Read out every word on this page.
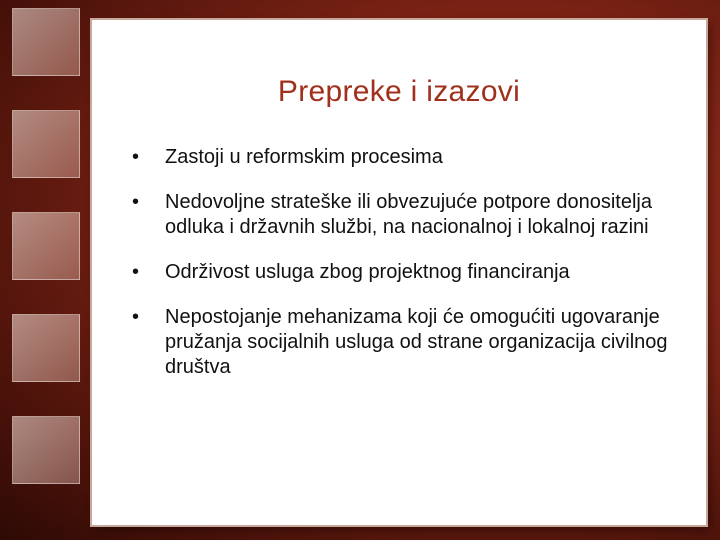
Prepreke i izazovi
• Zastoji u reformskim procesima
• Nedovoljne strateške ili obvezujuće potpore donositelja odluka i državnih službi, na nacionalnoj i lokalnoj razini
• Održivost usluga zbog projektnog financiranja
• Nepostojanje mehanizama koji će omogućiti ugovaranje pružanja socijalnih usluga od strane organizacija civilnog društva
